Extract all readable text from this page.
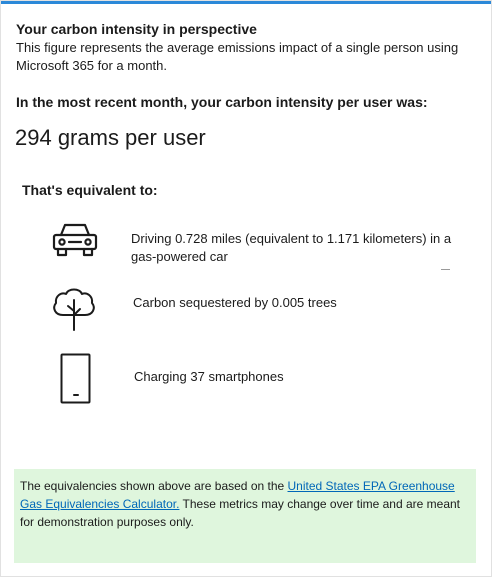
Your carbon intensity in perspective
This figure represents the average emissions impact of a single person using Microsoft 365 for a month.
In the most recent month, your carbon intensity per user was:
294 grams per user
That's equivalent to:
Driving 0.728 miles (equivalent to 1.171 kilometers) in a gas-powered car
Carbon sequestered by 0.005 trees
Charging 37 smartphones
The equivalencies shown above are based on the United States EPA Greenhouse Gas Equivalencies Calculator. These metrics may change over time and are meant for demonstration purposes only.
